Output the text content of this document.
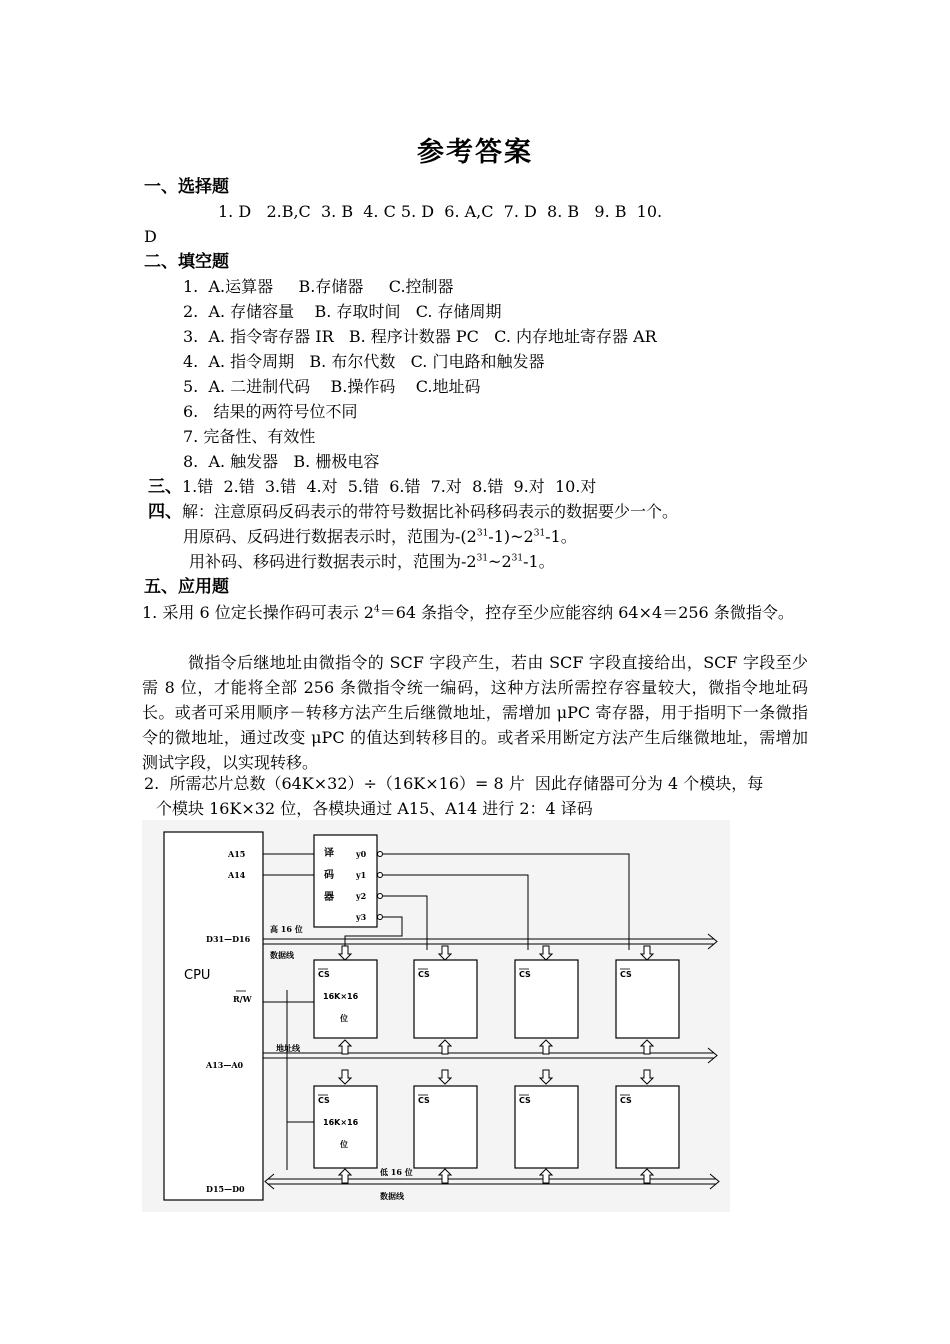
参考答案
一、选择题
1. D   2.B,C  3. B  4. C 5. D  6. A,C  7. D  8. B   9. B  10.
D
二、填空题
1.  A.运算器     B.存储器     C.控制器
2.  A. 存储容量    B. 存取时间   C. 存储周期
3.  A. 指令寄存器 IR   B. 程序计数器 PC   C. 内存地址寄存器 AR
4.  A. 指令周期   B. 布尔代数   C. 门电路和触发器
5.  A. 二进制代码    B.操作码    C.地址码
6.   结果的两符号位不同
7. 完备性、有效性
8.  A. 触发器   B. 栅极电容
三、1.错  2.错  3.错  4.对  5.错  6.错  7.对  8.错  9.对  10.对
四、解：注意原码反码表示的带符号数据比补码移码表示的数据要少一个。
用原码、反码进行数据表示时，范围为$-(2^{31}-1)\sim 2^{31}-1$。
用补码、移码进行数据表示时，范围为$-2^{31}\sim 2^{31}-1$。
五、应用题
1. 采用 6 位定长操作码可表示 $2^4=64$ 条指令，控存至少应能容纳 64×4＝256 条微指令。
微指令后继地址由微指令的 SCF 字段产生，若由 SCF 字段直接给出，SCF 字段至少需 8 位，才能将全部 256 条微指令统一编码，这种方法所需控存容量较大，微指令地址码长。或者可采用顺序－转移方法产生后继微地址，需增加 μPC 寄存器，用于指明下一条微指令的微地址，通过改变 μPC 的值达到转移目的。或者采用断定方法产生后继微地址，需增加测试字段，以实现转移。
2.  所需芯片总数（64K×32）÷（16K×16）= 8 片  因此存储器可分为 4 个模块，每
个模块 16K×32 位，各模块通过 A15、A14 进行 2：4 译码
CPU
A15
A14
D31—D16
R/W
A13—A0
D15—D0
译
码
器
y0
y1
y2
y3
高 16 位
数据线
地址线
低 16 位
数据线
CS
16K×16
位
CS	CS	CS
CS
16K×16
位
CS	CS	CS
